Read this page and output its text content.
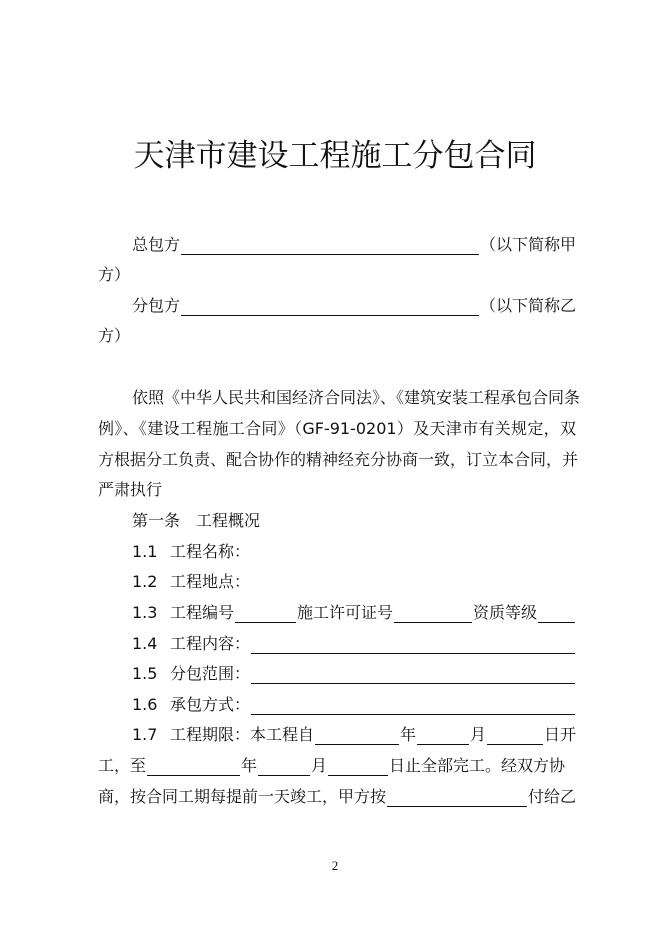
天津市建设工程施工分包合同
总包方	（以下简称甲
方）
分包方	（以下简称乙
方）
依照《中华人民共和国经济合同法》、《建筑安装工程承包合同条
例》、《建设工程施工合同》（GF-91-0201）及天津市有关规定，双
方根据分工负责、配合协作的精神经充分协商一致，订立本合同，并
严肃执行
第一条　工程概况
1.1 工程名称：
1.2 工程地点：
1.3 工程编号	施工许可证号	资质等级
1.4 工程内容：
1.5 分包范围：
1.6 承包方式：
1.7 工程期限：本工程自	年	月	日开
工，至	年	月	日止全部完工。经双方协
商，按合同工期每提前一天竣工，甲方按	付给乙
2
